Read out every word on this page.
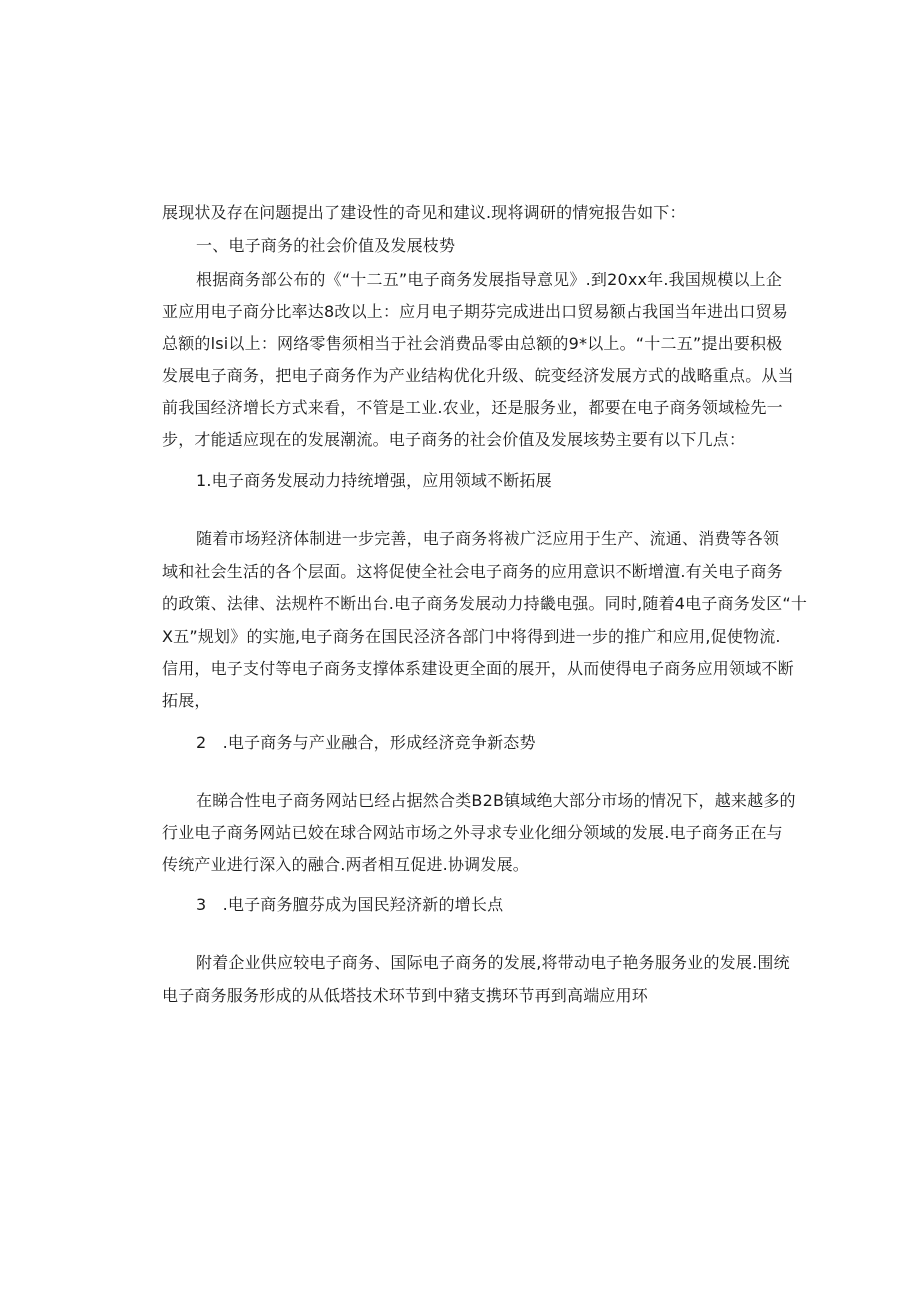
展现状及存在问题提出了建设性的奇见和建议.现将调研的情宛报告如下：
一、电子商务的社会价值及发展枝势
根据商务部公布的《“十二五”电子商务发展指导意见》.到20xx年.我国规模以上企
亚应用电子商分比率达8改以上：应月电子期芬完成进出口贸易额占我国当年进出口贸易
总额的lsi以上：网络零售须相当于社会消费品零由总额的9*以上。“十二五”提出要积极
发展电子商务，把电子商务作为产业结构优化升级、皖变经济发展方式的战略重点。从当
前我国经济增长方式来看，不管是工业.农业，还是服务业，都要在电子商务领域检先一
步，才能适应现在的发展潮流。电子商务的社会价值及发展垓势主要有以下几点：
1.电子商务发展动力持统增强，应用领域不断拓展
随着市场羟济体制进一步完善，电子商务将袚广泛应用于生产、流通、消费等各领
域和社会生活的各个层面。这将促使全社会电子商务的应用意识不断增澶.有关电子商务
的政策、法律、法规杵不断出台.电子商务发展动力持畿电强。同时,随着4电子商务发区“十
X五”规划》的实施,电子商务在国民泾济各部门中将得到进一步的推广和应用,促使物流.
信用，电子支付等电子商务支撑体系建设更全面的展开，从而使得电子商务应用领域不断
拓展，
2　.电子商务与产业融合，形成经济竞争新态势
在睇合性电子商务网站巳经占据然合类B2B镇域绝大部分市场的情况下，越来越多的
行业电子商务网站已姣在球合网站市场之外寻求专业化细分领域的发展.电子商务正在与
传统产业进行深入的融合.两者相互促进.协调发展。
3　.电子商务膻芬成为国民羟济新的增长点
附着企业供应较电子商务、国际电子商务的发展,将带动电子艳务服务业的发展.围统
电子商务服务形成的从低塔技术环节到中豬支携环节再到高端应用环
